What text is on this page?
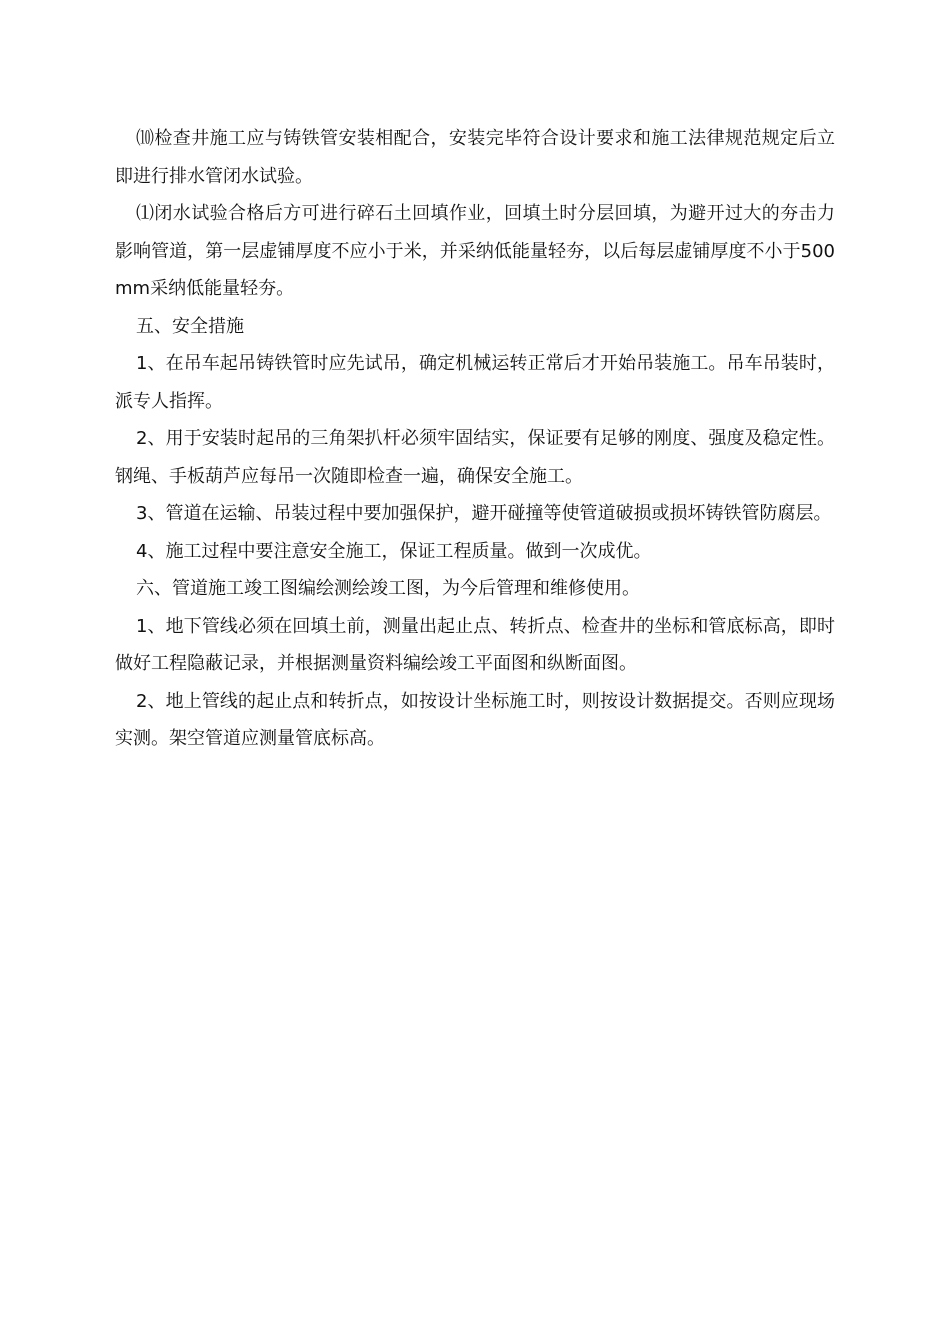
⑽检查井施工应与铸铁管安装相配合，安装完毕符合设计要求和施工法律规范规定后立即进行排水管闭水试验。

⑴闭水试验合格后方可进行碎石土回填作业，回填土时分层回填，为避开过大的夯击力影响管道，第一层虚铺厚度不应小于米，并采纳低能量轻夯，以后每层虚铺厚度不小于500mm采纳低能量轻夯。

五、安全措施

1、在吊车起吊铸铁管时应先试吊，确定机械运转正常后才开始吊装施工。吊车吊装时，派专人指挥。

2、用于安装时起吊的三角架扒杆必须牢固结实，保证要有足够的刚度、强度及稳定性。钢绳、手板葫芦应每吊一次随即检查一遍，确保安全施工。

3、管道在运输、吊装过程中要加强保护，避开碰撞等使管道破损或损坏铸铁管防腐层。

4、施工过程中要注意安全施工，保证工程质量。做到一次成优。

六、管道施工竣工图编绘测绘竣工图，为今后管理和维修使用。

1、地下管线必须在回填土前，测量出起止点、转折点、检查井的坐标和管底标高，即时做好工程隐蔽记录，并根据测量资料编绘竣工平面图和纵断面图。

2、地上管线的起止点和转折点，如按设计坐标施工时，则按设计数据提交。否则应现场实测。架空管道应测量管底标高。
